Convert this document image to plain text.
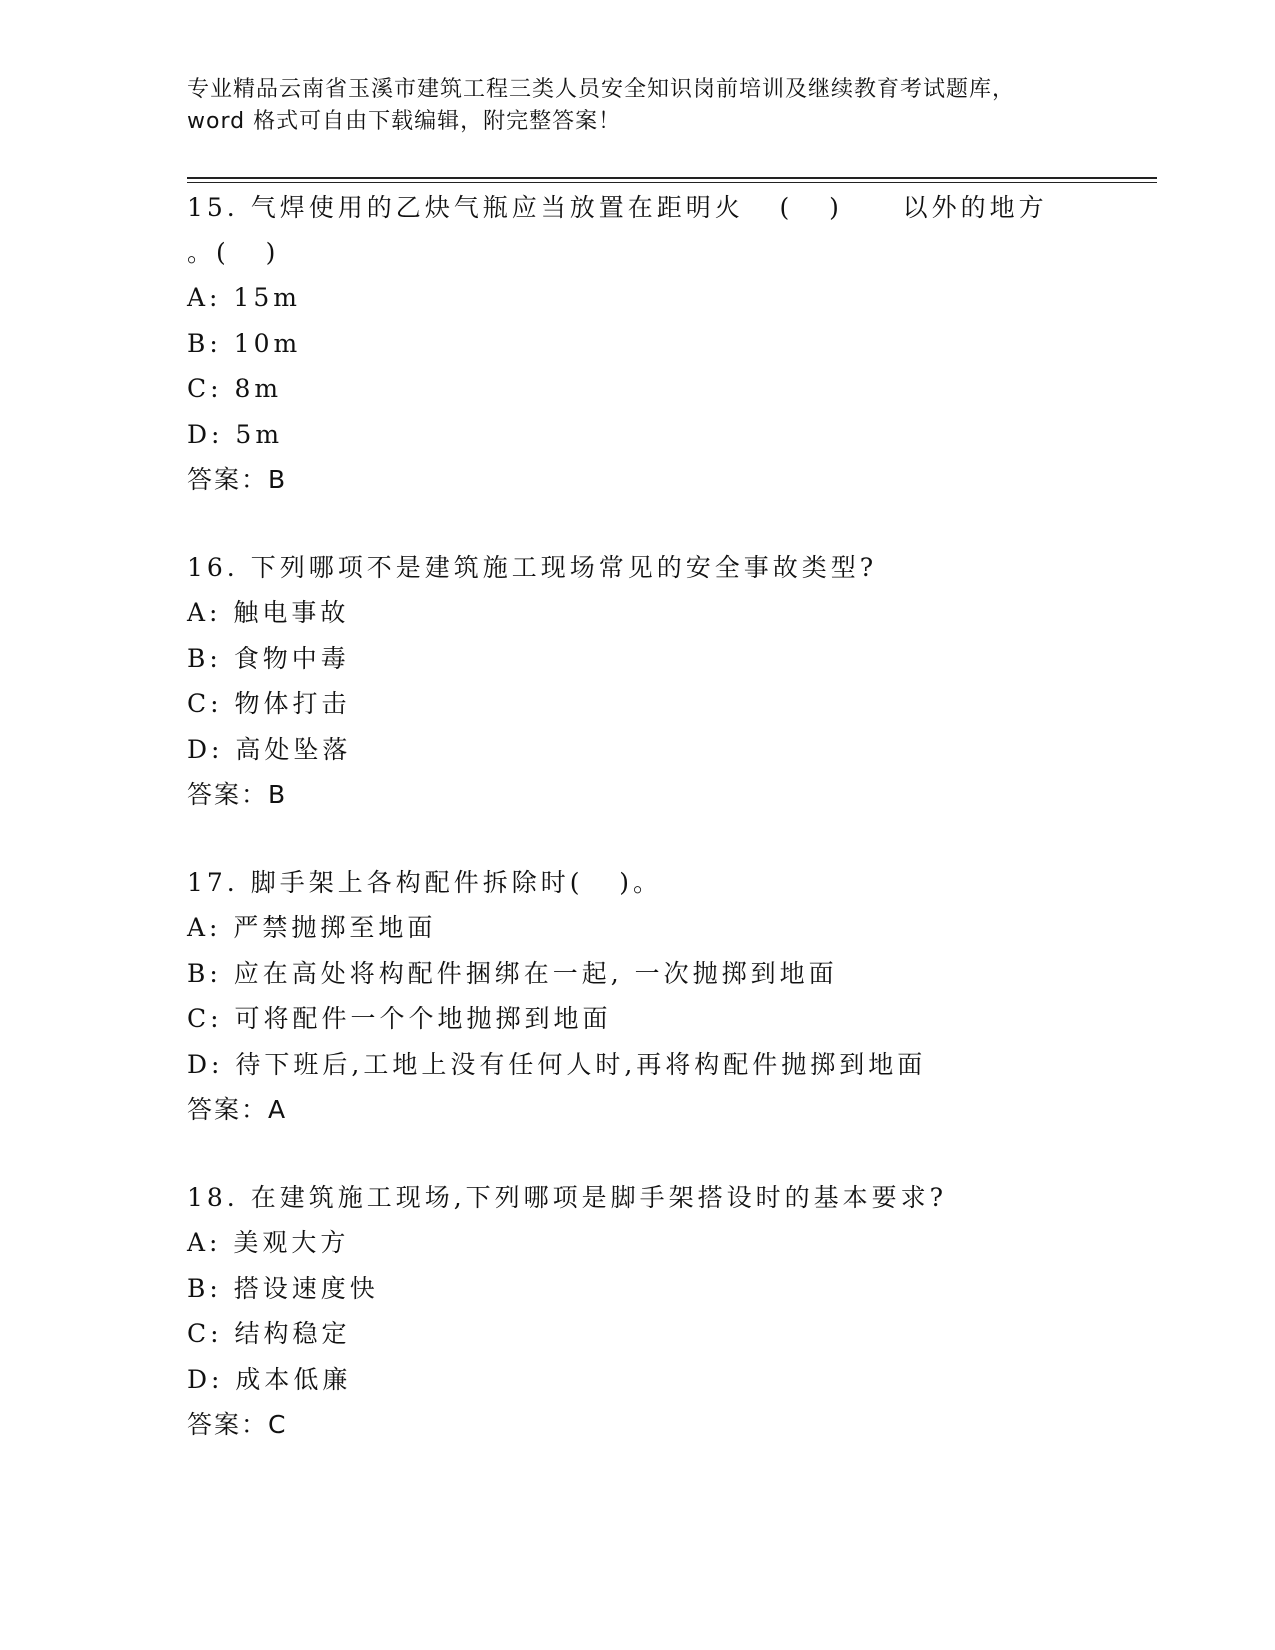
专业精品云南省玉溪市建筑工程三类人员安全知识岗前培训及继续教育考试题库，
word 格式可自由下载编辑，附完整答案！
15. 气焊使用的乙炔气瓶应当放置在距明火   (   )     以外的地方
。(   )
A: 15m
B: 10m
C: 8m
D: 5m
答案：B
16. 下列哪项不是建筑施工现场常见的安全事故类型?
A: 触电事故
B: 食物中毒
C: 物体打击
D: 高处坠落
答案：B
17. 脚手架上各构配件拆除时(   )。
A: 严禁抛掷至地面
B: 应在高处将构配件捆绑在一起, 一次抛掷到地面
C: 可将配件一个个地抛掷到地面
D: 待下班后,工地上没有任何人时,再将构配件抛掷到地面
答案：A
18. 在建筑施工现场,下列哪项是脚手架搭设时的基本要求?
A: 美观大方
B: 搭设速度快
C: 结构稳定
D: 成本低廉
答案：C
